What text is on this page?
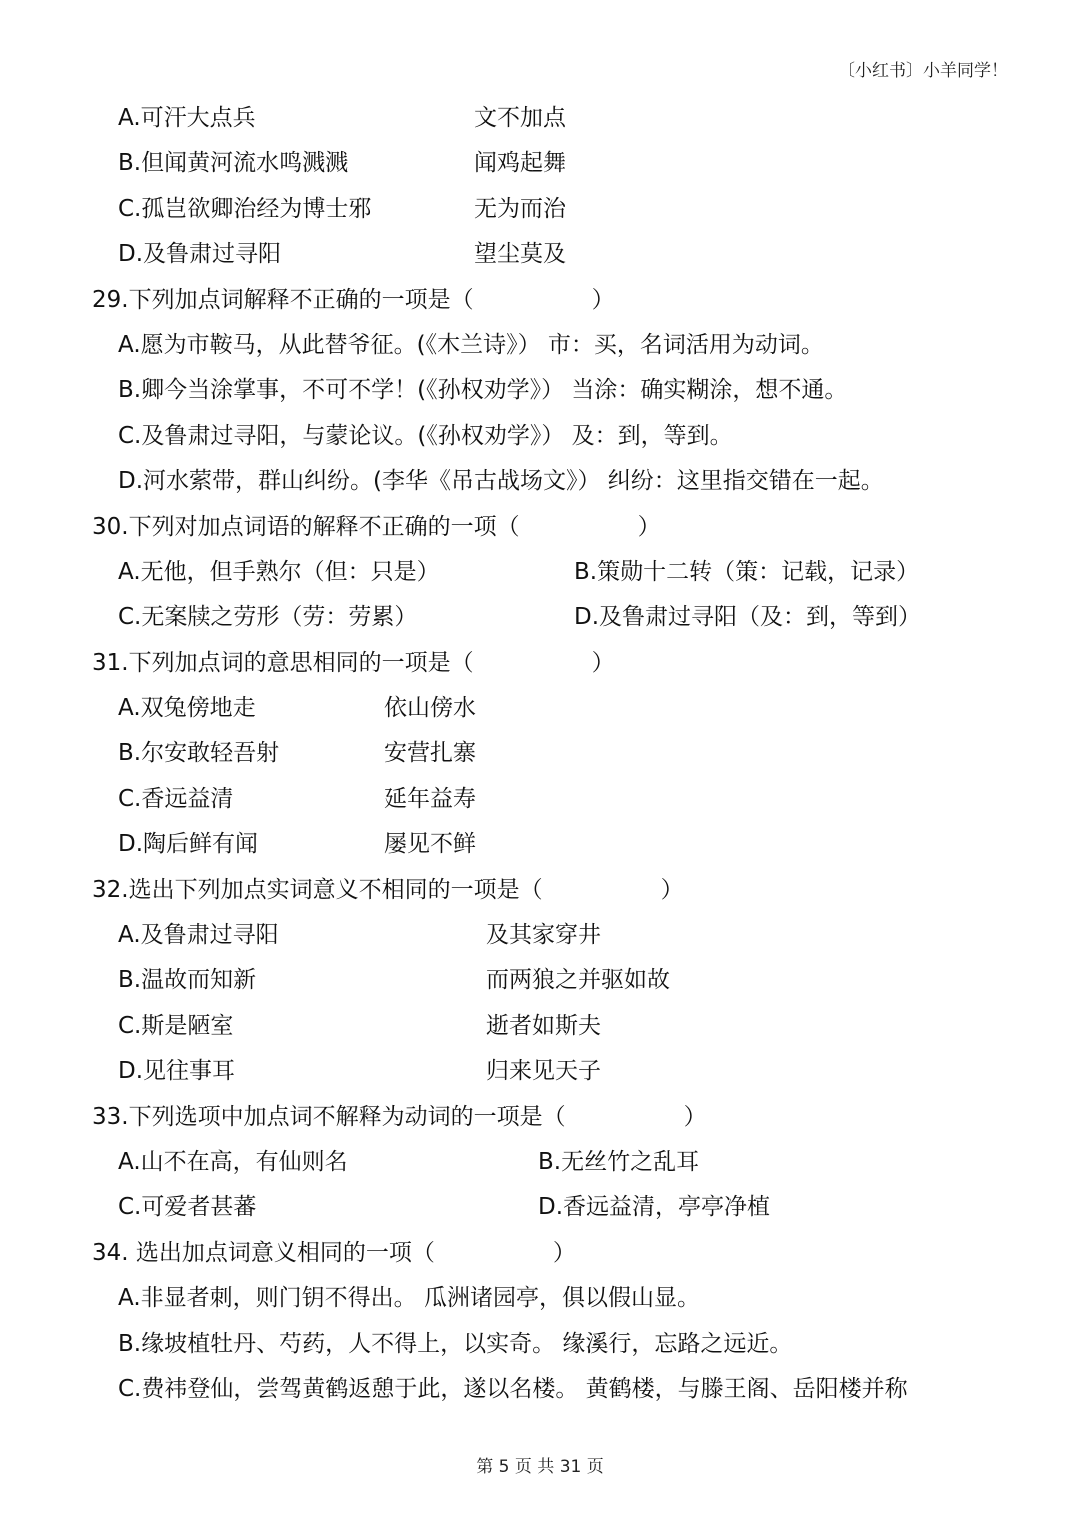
〔小红书〕小羊同学！
A.可汗大点兵	文不加点
B.但闻黄河流水鸣溅溅	闻鸡起舞
C.孤岂欲卿治经为博士邪	无为而治
D.及鲁肃过寻阳	望尘莫及
29.下列加点词解释不正确的一项是（	）
A.愿为市鞍马，从此替爷征。(《木兰诗》） 市：买，名词活用为动词。
B.卿今当涂掌事，不可不学！(《孙权劝学》） 当涂：确实糊涂，想不通。
C.及鲁肃过寻阳，与蒙论议。(《孙权劝学》） 及：到，等到。
D.河水萦带，群山纠纷。(李华《吊古战场文》） 纠纷：这里指交错在一起。
30.下列对加点词语的解释不正确的一项（	）
A.无他，但手熟尔（但：只是）	B.策勋十二转（策：记载，记录）
C.无案牍之劳形（劳：劳累）	D.及鲁肃过寻阳（及：到，等到）
31.下列加点词的意思相同的一项是（	）
A.双兔傍地走	依山傍水
B.尔安敢轻吾射	安营扎寨
C.香远益清	延年益寿
D.陶后鲜有闻	屡见不鲜
32.选出下列加点实词意义不相同的一项是（	）
A.及鲁肃过寻阳	及其家穿井
B.温故而知新	而两狼之并驱如故
C.斯是陋室	逝者如斯夫
D.见往事耳	归来见天子
33.下列选项中加点词不解释为动词的一项是（	）
A.山不在高，有仙则名	B.无丝竹之乱耳
C.可爱者甚蕃	D.香远益清，亭亭净植
34. 选出加点词意义相同的一项（	）
A.非显者刺，则门钥不得出。 瓜洲诸园亭，俱以假山显。
B.缘坡植牡丹、芍药，人不得上，以实奇。 缘溪行，忘路之远近。
C.费祎登仙，尝驾黄鹤返憩于此，遂以名楼。 黄鹤楼，与滕王阁、岳阳楼并称
第 5 页 共 31 页
